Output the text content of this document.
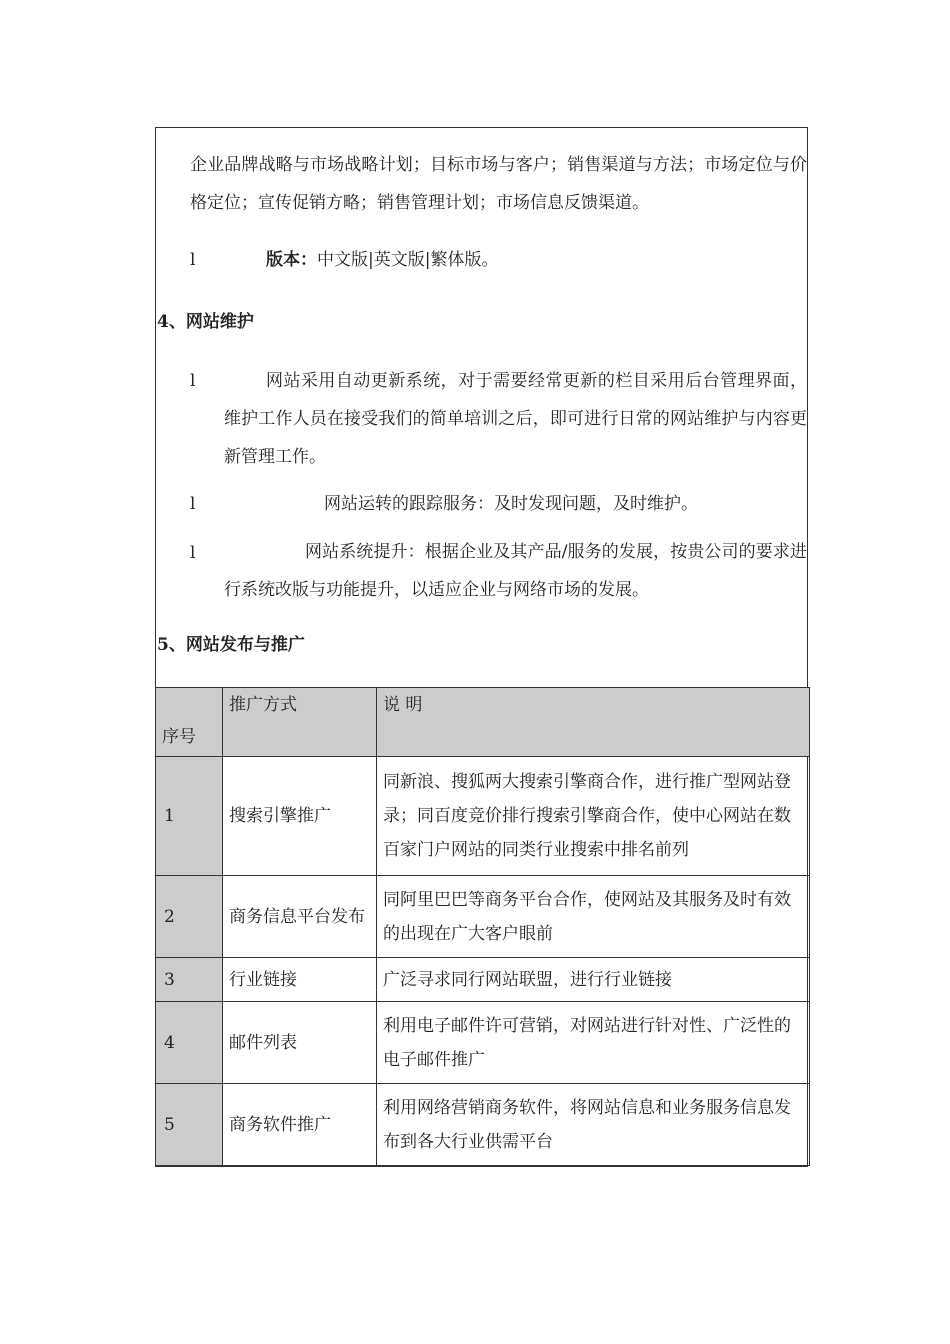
企业品牌战略与市场战略计划；目标市场与客户；销售渠道与方法；市场定位与价格定位；宣传促销方略；销售管理计划；市场信息反馈渠道。
l	版本：中文版|英文版|繁体版。
4、网站维护
l	网站采用自动更新系统，对于需要经常更新的栏目采用后台管理界面，维护工作人员在接受我们的简单培训之后，即可进行日常的网站维护与内容更新管理工作。
l	网站运转的跟踪服务：及时发现问题，及时维护。
l	网站系统提升：根据企业及其产品/服务的发展，按贵公司的要求进行系统改版与功能提升，以适应企业与网络市场的发展。
5、网站发布与推广
序号	推广方式	说 明
1	搜索引擎推广	同新浪、搜狐两大搜索引擎商合作，进行推广型网站登录；同百度竞价排行搜索引擎商合作，使中心网站在数百家门户网站的同类行业搜索中排名前列
2	商务信息平台发布	同阿里巴巴等商务平台合作，使网站及其服务及时有效的出现在广大客户眼前
3	行业链接	广泛寻求同行网站联盟，进行行业链接
4	邮件列表	利用电子邮件许可营销，对网站进行针对性、广泛性的电子邮件推广
5	商务软件推广	利用网络营销商务软件，将网站信息和业务服务信息发布到各大行业供需平台
